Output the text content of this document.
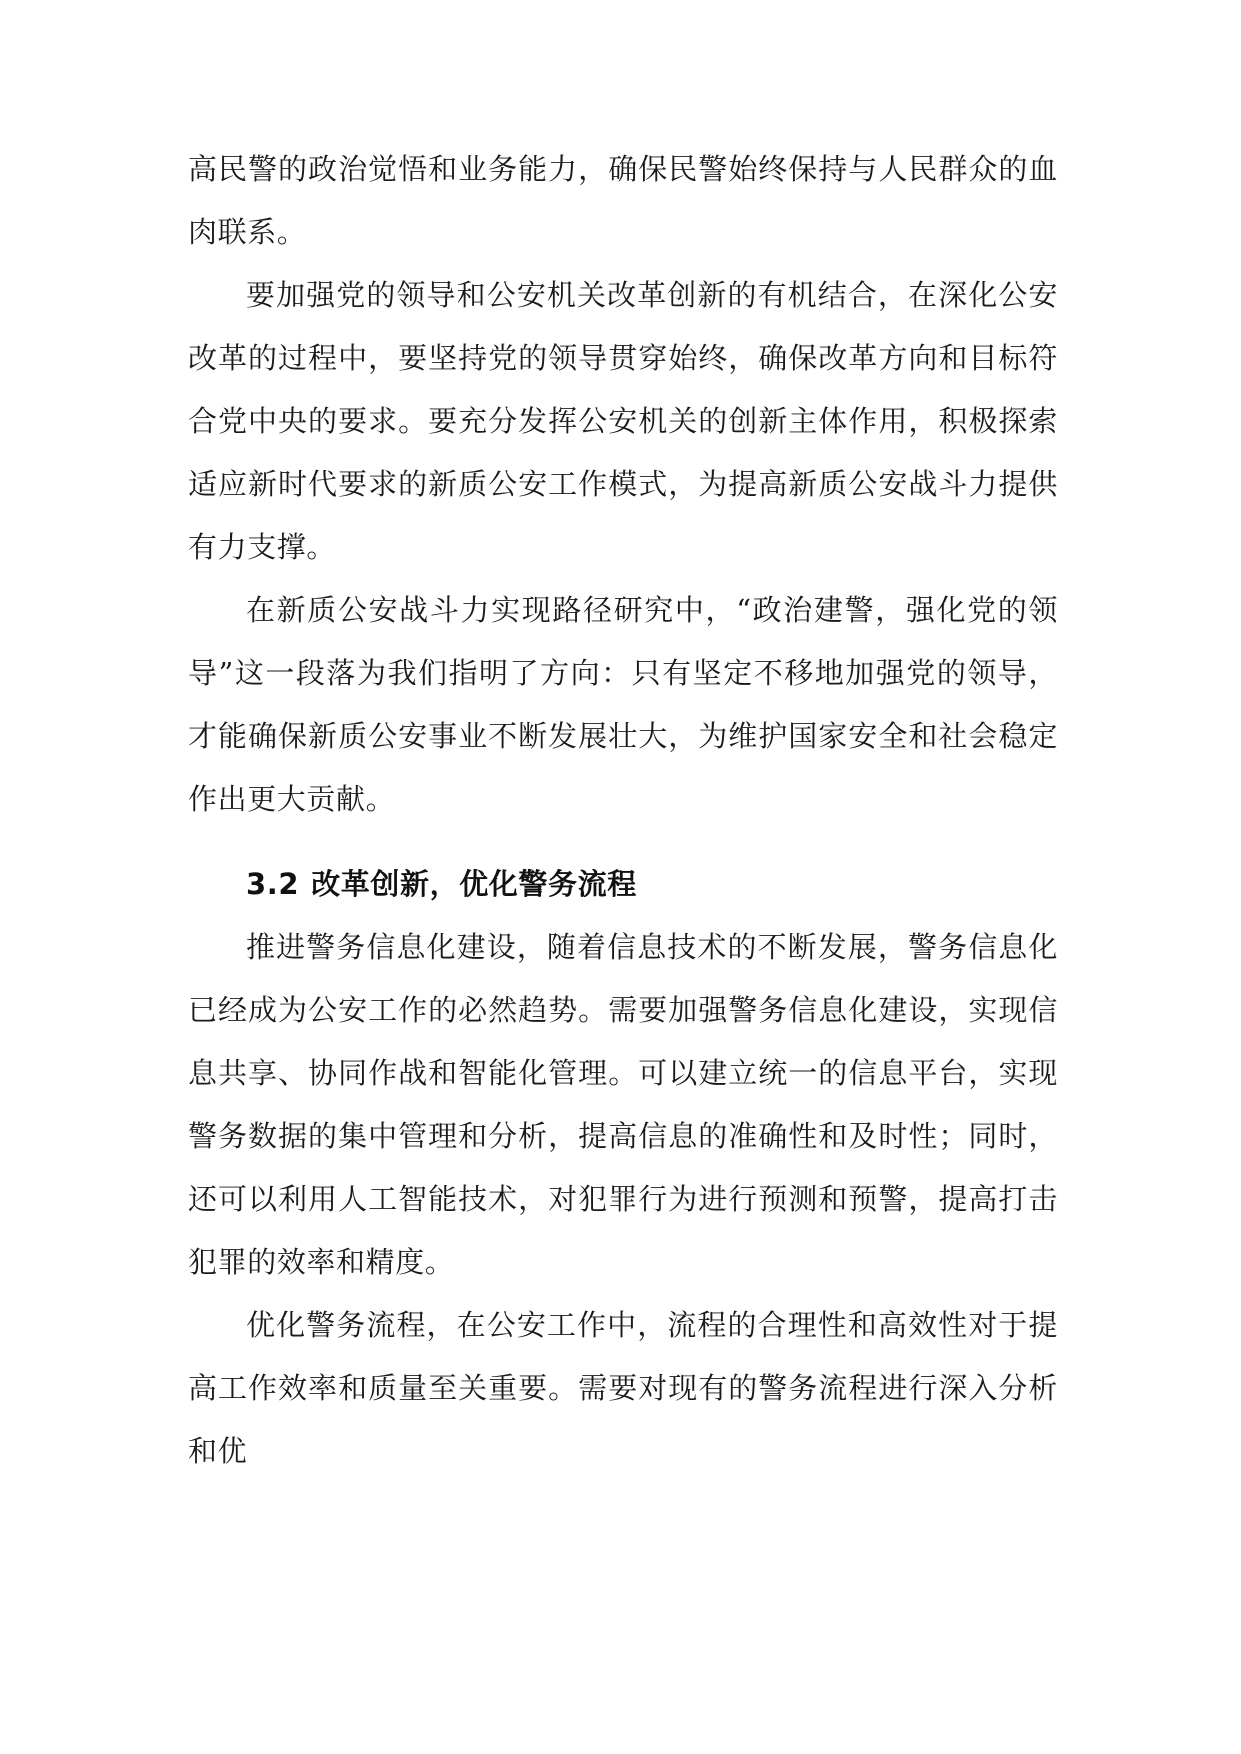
高民警的政治觉悟和业务能力，确保民警始终保持与人民群众的血肉联系。

要加强党的领导和公安机关改革创新的有机结合，在深化公安改革的过程中，要坚持党的领导贯穿始终，确保改革方向和目标符合党中央的要求。要充分发挥公安机关的创新主体作用，积极探索适应新时代要求的新质公安工作模式，为提高新质公安战斗力提供有力支撑。

在新质公安战斗力实现路径研究中，“政治建警，强化党的领导”这一段落为我们指明了方向：只有坚定不移地加强党的领导，才能确保新质公安事业不断发展壮大，为维护国家安全和社会稳定作出更大贡献。

3.2 改革创新，优化警务流程

推进警务信息化建设，随着信息技术的不断发展，警务信息化已经成为公安工作的必然趋势。需要加强警务信息化建设，实现信息共享、协同作战和智能化管理。可以建立统一的信息平台，实现警务数据的集中管理和分析，提高信息的准确性和及时性；同时，还可以利用人工智能技术，对犯罪行为进行预测和预警，提高打击犯罪的效率和精度。

优化警务流程，在公安工作中，流程的合理性和高效性对于提高工作效率和质量至关重要。需要对现有的警务流程进行深入分析和优
